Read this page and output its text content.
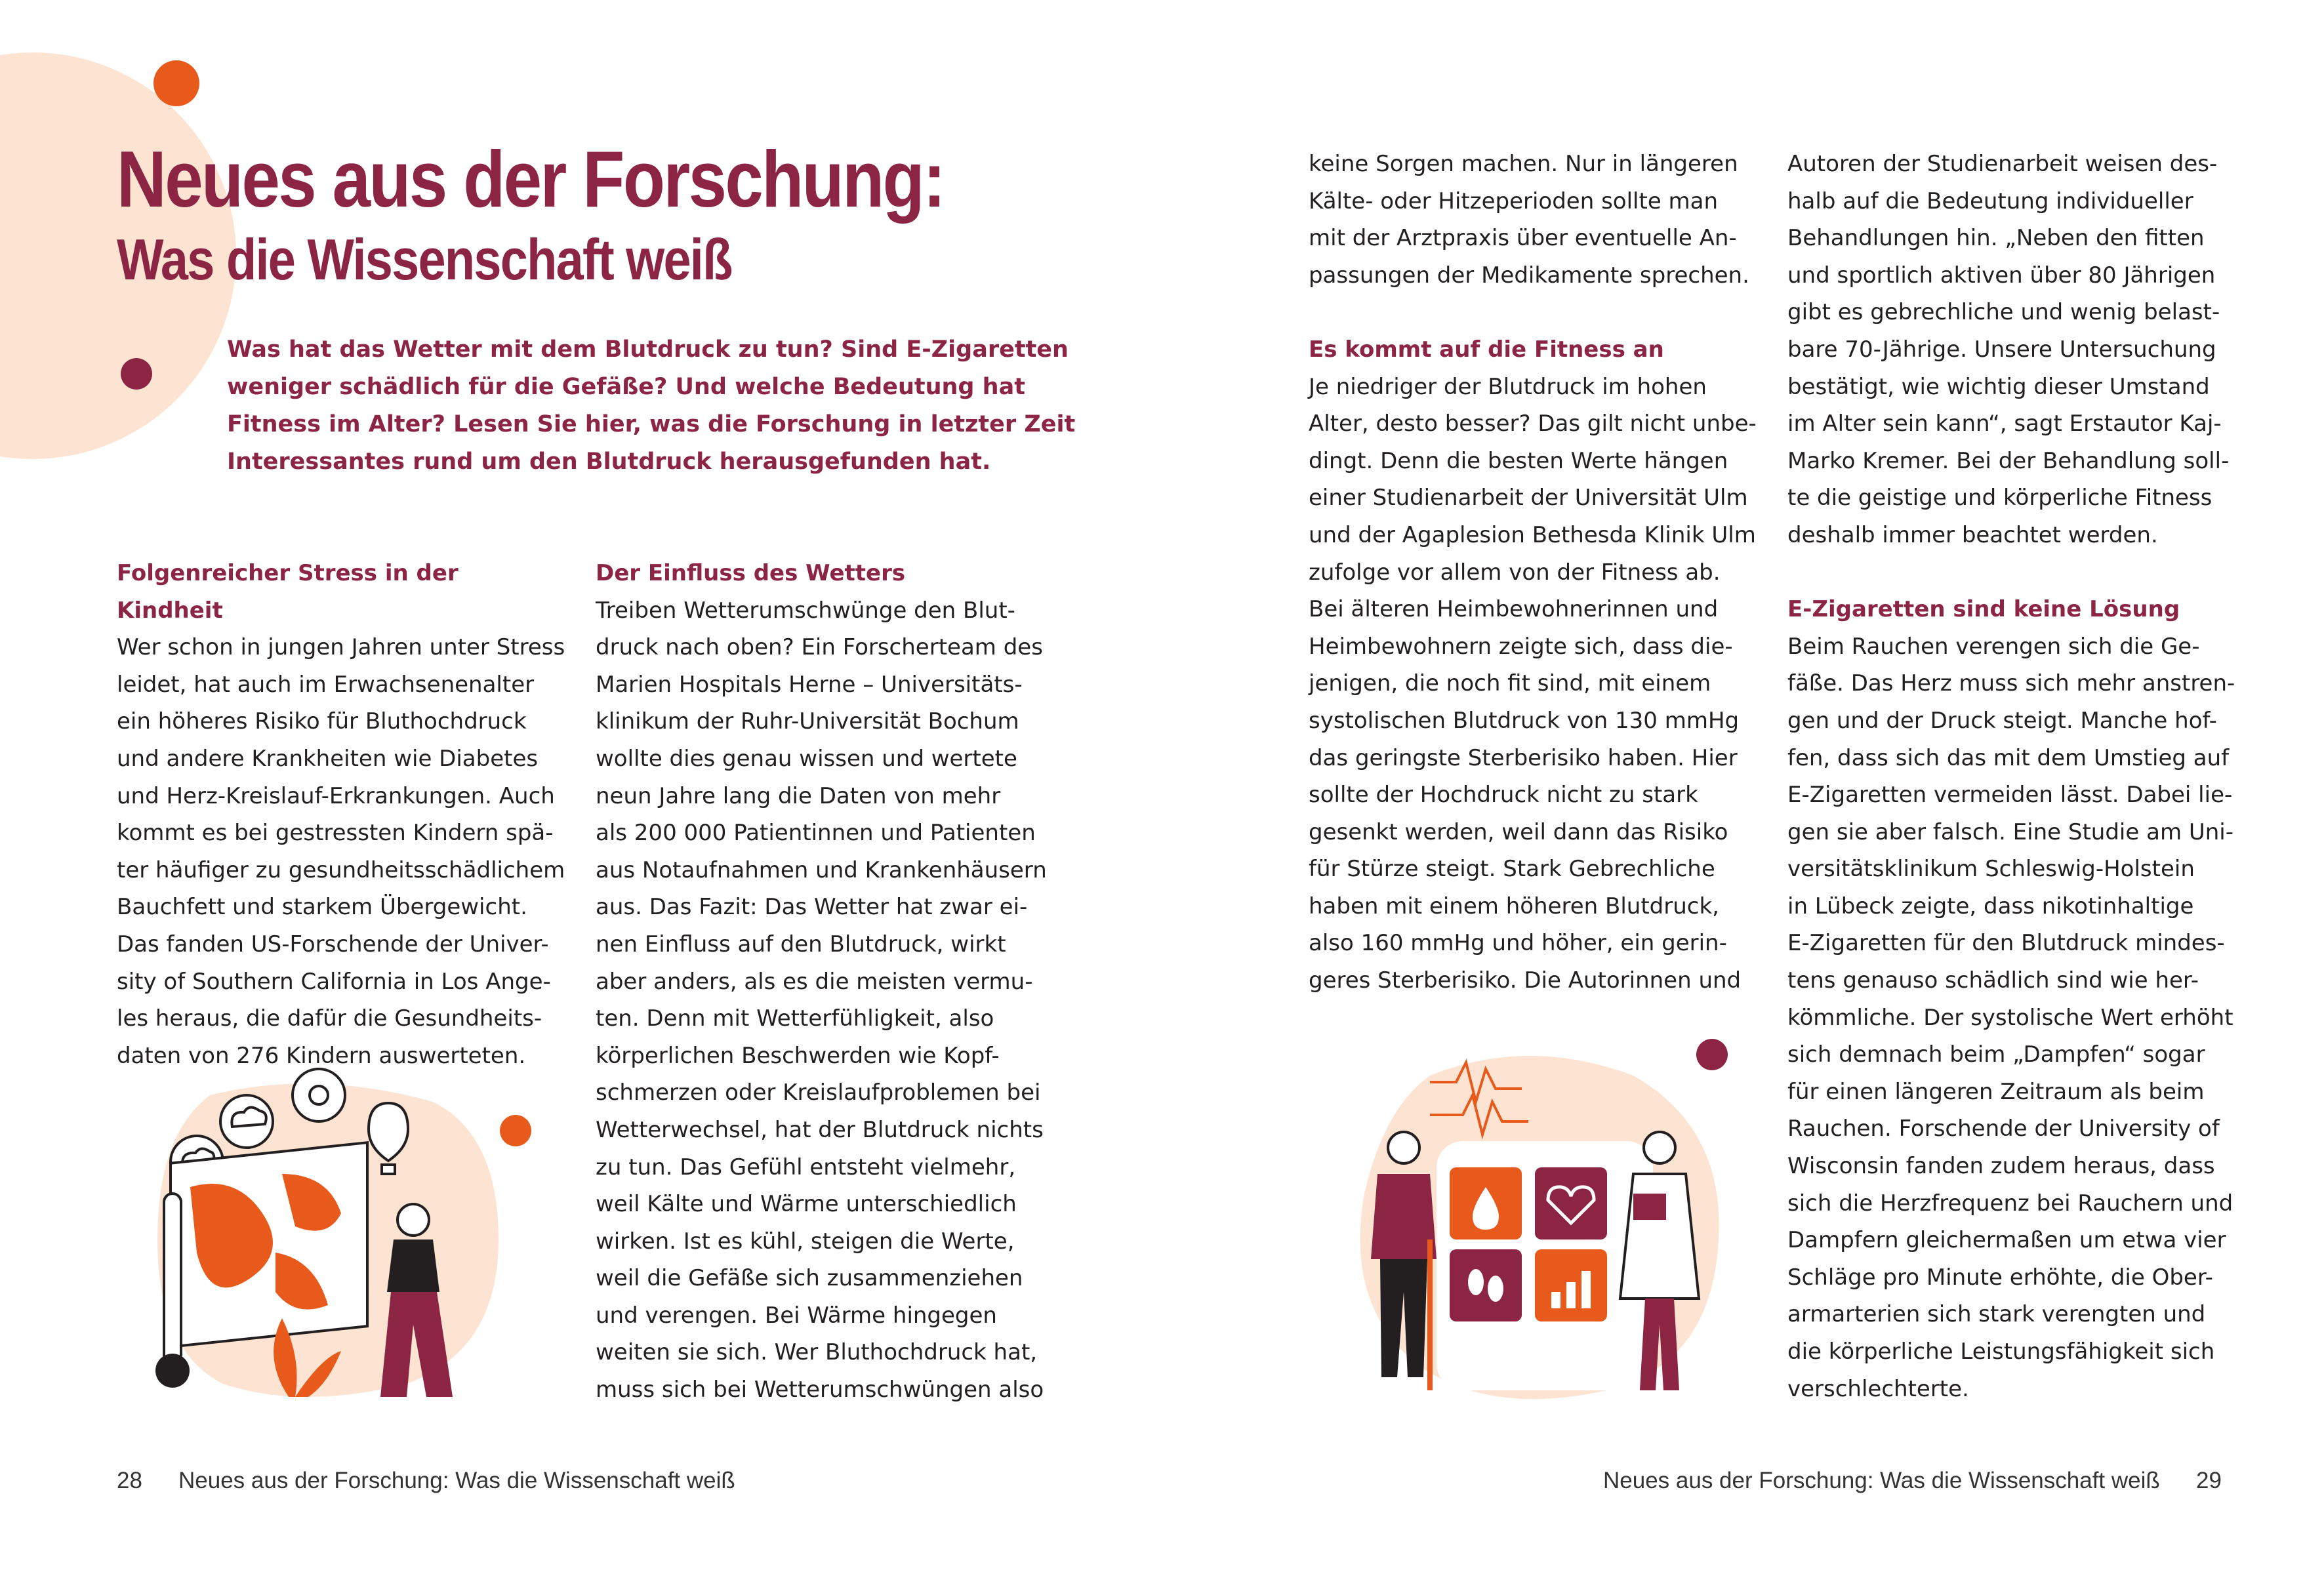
Neues aus der Forschung:
Was die Wissenschaft weiß
Was hat das Wetter mit dem Blutdruck zu tun? Sind E-Zigaretten
weniger schädlich für die Gefäße? Und welche Bedeutung hat
Fitness im Alter? Lesen Sie hier, was die Forschung in letzter Zeit
Interessantes rund um den Blutdruck herausgefunden hat.
Folgenreicher Stress in der Kindheit
Wer schon in jungen Jahren unter Stress
leidet, hat auch im Erwachsenenalter
ein höheres Risiko für Bluthochdruck
und andere Krankheiten wie Diabetes
und Herz-Kreislauf-Erkrankungen. Auch
kommt es bei gestressten Kindern spä-
ter häufiger zu gesundheitsschädlichem
Bauchfett und starkem Übergewicht.
Das fanden US-Forschende der Univer-
sity of Southern California in Los Ange-
les heraus, die dafür die Gesundheits-
daten von 276 Kindern auswerteten.
Der Einfluss des Wetters
Treiben Wetterumschwünge den Blut-
druck nach oben? Ein Forscherteam des
Marien Hospitals Herne – Universitäts-
klinikum der Ruhr-Universität Bochum
wollte dies genau wissen und wertete
neun Jahre lang die Daten von mehr
als 200 000 Patientinnen und Patienten
aus Notaufnahmen und Krankenhäusern
aus. Das Fazit: Das Wetter hat zwar ei-
nen Einfluss auf den Blutdruck, wirkt
aber anders, als es die meisten vermu-
ten. Denn mit Wetterfühligkeit, also
körperlichen Beschwerden wie Kopf-
schmerzen oder Kreislaufproblemen bei
Wetterwechsel, hat der Blutdruck nichts
zu tun. Das Gefühl entsteht vielmehr,
weil Kälte und Wärme unterschiedlich
wirken. Ist es kühl, steigen die Werte,
weil die Gefäße sich zusammenziehen
und verengen. Bei Wärme hingegen
weiten sie sich. Wer Bluthochdruck hat,
muss sich bei Wetterumschwüngen also
keine Sorgen machen. Nur in längeren
Kälte- oder Hitzeperioden sollte man
mit der Arztpraxis über eventuelle An-
passungen der Medikamente sprechen.
Es kommt auf die Fitness an
Je niedriger der Blutdruck im hohen
Alter, desto besser? Das gilt nicht unbe-
dingt. Denn die besten Werte hängen
einer Studienarbeit der Universität Ulm
und der Agaplesion Bethesda Klinik Ulm
zufolge vor allem von der Fitness ab.
Bei älteren Heimbewohnerinnen und
Heimbewohnern zeigte sich, dass die-
jenigen, die noch fit sind, mit einem
systolischen Blutdruck von 130 mmHg
das geringste Sterberisiko haben. Hier
sollte der Hochdruck nicht zu stark
gesenkt werden, weil dann das Risiko
für Stürze steigt. Stark Gebrechliche
haben mit einem höheren Blutdruck,
also 160 mmHg und höher, ein gerin-
geres Sterberisiko. Die Autorinnen und
Autoren der Studienarbeit weisen des-
halb auf die Bedeutung individueller
Behandlungen hin. „Neben den fitten
und sportlich aktiven über 80 Jährigen
gibt es gebrechliche und wenig belast-
bare 70-Jährige. Unsere Untersuchung
bestätigt, wie wichtig dieser Umstand
im Alter sein kann“, sagt Erstautor Kaj-
Marko Kremer. Bei der Behandlung soll-
te die geistige und körperliche Fitness
deshalb immer beachtet werden.
E-Zigaretten sind keine Lösung
Beim Rauchen verengen sich die Ge-
fäße. Das Herz muss sich mehr anstren-
gen und der Druck steigt. Manche hof-
fen, dass sich das mit dem Umstieg auf
E-Zigaretten vermeiden lässt. Dabei lie-
gen sie aber falsch. Eine Studie am Uni-
versitätsklinikum Schleswig-Holstein
in Lübeck zeigte, dass nikotinhaltige
E-Zigaretten für den Blutdruck mindes-
tens genauso schädlich sind wie her-
kömmliche. Der systolische Wert erhöht
sich demnach beim „Dampfen“ sogar
für einen längeren Zeitraum als beim
Rauchen. Forschende der University of
Wisconsin fanden zudem heraus, dass
sich die Herzfrequenz bei Rauchern und
Dampfern gleichermaßen um etwa vier
Schläge pro Minute erhöhte, die Ober-
armarterien sich stark verengten und
die körperliche Leistungsfähigkeit sich
verschlechterte.
28 Neues aus der Forschung: Was die Wissenschaft weiß	Neues aus der Forschung: Was die Wissenschaft weiß 29
